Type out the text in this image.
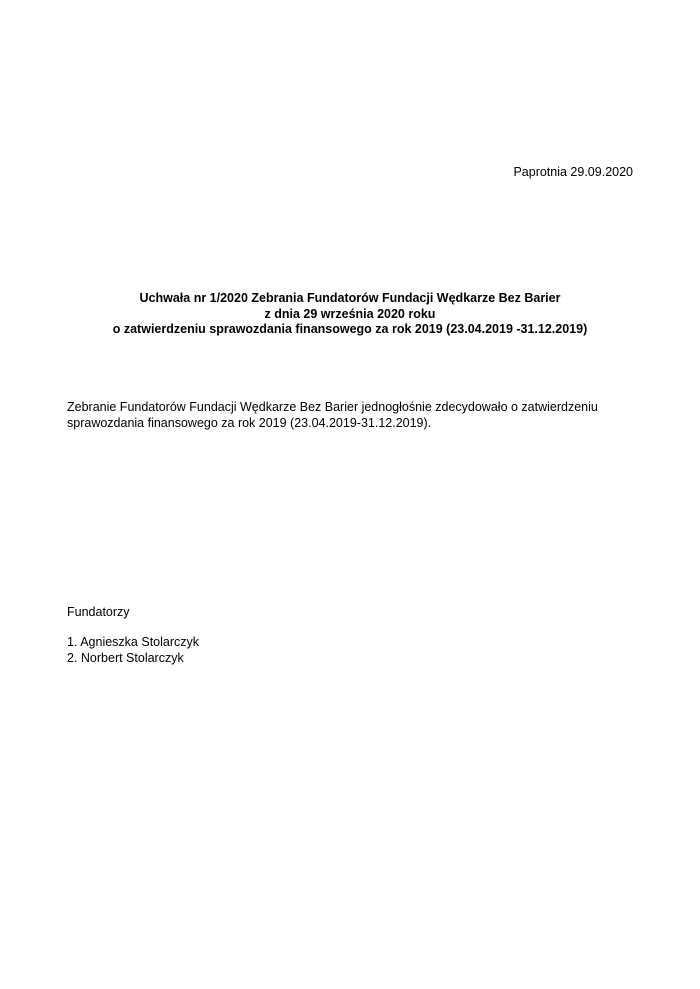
Paprotnia 29.09.2020
Uchwała nr 1/2020 Zebrania Fundatorów Fundacji Wędkarze Bez Barier
z dnia 29 września 2020 roku
o zatwierdzeniu sprawozdania finansowego za rok 2019 (23.04.2019 -31.12.2019)
Zebranie Fundatorów Fundacji Wędkarze Bez Barier jednogłośnie zdecydowało o zatwierdzeniu
sprawozdania finansowego za rok 2019 (23.04.2019-31.12.2019).
Fundatorzy
1. Agnieszka Stolarczyk
2. Norbert Stolarczyk
